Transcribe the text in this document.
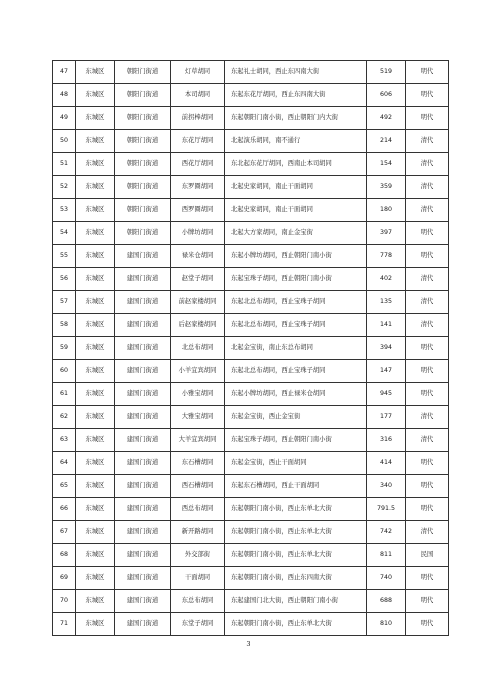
47	东城区	朝阳门街道	灯草胡同	东起礼士胡同，西止东四南大街	519	明代
48	东城区	朝阳门街道	本司胡同	东起东花厅胡同，西止东四南大街	606	明代
49	东城区	朝阳门街道	前拐棒胡同	东起朝阳门南小街，西止朝阳门内大街	492	明代
50	东城区	朝阳门街道	东花厅胡同	北起演乐胡同，南不通行	214	清代
51	东城区	朝阳门街道	西花厅胡同	东北起东花厅胡同，西南止本司胡同	154	清代
52	东城区	朝阳门街道	东罗圈胡同	北起史家胡同，南止干面胡同	359	清代
53	东城区	朝阳门街道	西罗圈胡同	北起史家胡同，南止干面胡同	180	清代
54	东城区	朝阳门街道	小牌坊胡同	北起大方家胡同，南止金宝街	397	明代
55	东城区	建国门街道	禄米仓胡同	东起小牌坊胡同，西止朝阳门南小街	778	明代
56	东城区	建国门街道	赵堂子胡同	东起宝珠子胡同，西止朝阳门南小街	402	清代
57	东城区	建国门街道	前赵家楼胡同	东起北总布胡同，西止宝珠子胡同	135	清代
58	东城区	建国门街道	后赵家楼胡同	东起北总布胡同，西止宝珠子胡同	141	清代
59	东城区	建国门街道	北总布胡同	北起金宝街，南止东总布胡同	394	明代
60	东城区	建国门街道	小羊宜宾胡同	东起北总布胡同，西止宝珠子胡同	147	明代
61	东城区	建国门街道	小雅宝胡同	东起小牌坊胡同，西止禄米仓胡同	945	明代
62	东城区	建国门街道	大雅宝胡同	东起金宝街，西止金宝街	177	清代
63	东城区	建国门街道	大羊宜宾胡同	东起宝珠子胡同，西止朝阳门南小街	316	清代
64	东城区	建国门街道	东石槽胡同	东起金宝街，西止干面胡同	414	明代
65	东城区	建国门街道	西石槽胡同	东起东石槽胡同，西止干面胡同	340	明代
66	东城区	建国门街道	西总布胡同	东起朝阳门南小街，西止东单北大街	791.5	明代
67	东城区	建国门街道	新开路胡同	东起朝阳门南小街，西止东单北大街	742	清代
68	东城区	建国门街道	外交部街	东起朝阳门南小街，西止东单北大街	811	民国
69	东城区	建国门街道	干面胡同	东起朝阳门南小街，西止东四南大街	740	明代
70	东城区	建国门街道	东总布胡同	东起建国门北大街，西止朝阳门南小街	688	明代
71	东城区	建国门街道	东堂子胡同	东起朝阳门南小街，西止东单北大街	810	明代
3
